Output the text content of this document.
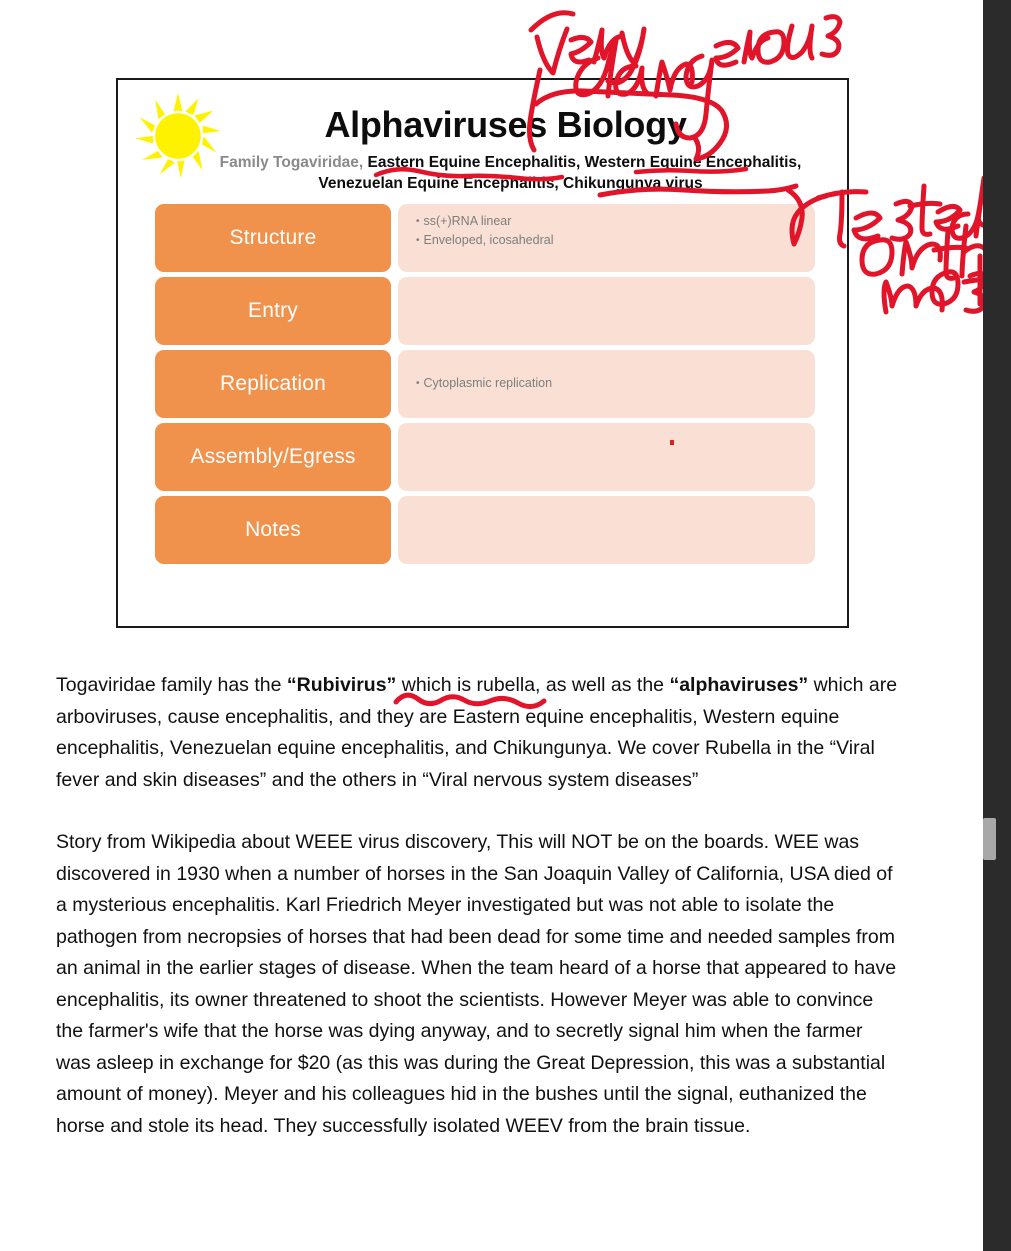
Alphaviruses Biology
Family Togaviridae, Eastern Equine Encephalitis, Western Equine Encephalitis, Venezuelan Equine Encephalitis, Chikungunya virus
Structure
• ss(+)RNA linear
• Enveloped, icosahedral
Entry
Replication	• Cytoplasmic replication
Assembly/Egress
Notes

Togaviridae family has the “Rubivirus” which is rubella, as well as the “alphaviruses” which are arboviruses, cause encephalitis, and they are Eastern equine encephalitis, Western equine encephalitis, Venezuelan equine encephalitis, and Chikungunya. We cover Rubella in the “Viral fever and skin diseases” and the others in “Viral nervous system diseases”

Story from Wikipedia about WEEE virus discovery, This will NOT be on the boards. WEE was discovered in 1930 when a number of horses in the San Joaquin Valley of California, USA died of a mysterious encephalitis. Karl Friedrich Meyer investigated but was not able to isolate the pathogen from necropsies of horses that had been dead for some time and needed samples from an animal in the earlier stages of disease. When the team heard of a horse that appeared to have encephalitis, its owner threatened to shoot the scientists. However Meyer was able to convince the farmer's wife that the horse was dying anyway, and to secretly signal him when the farmer was asleep in exchange for $20 (as this was during the Great Depression, this was a substantial amount of money). Meyer and his colleagues hid in the bushes until the signal, euthanized the horse and stole its head. They successfully isolated WEEV from the brain tissue.
